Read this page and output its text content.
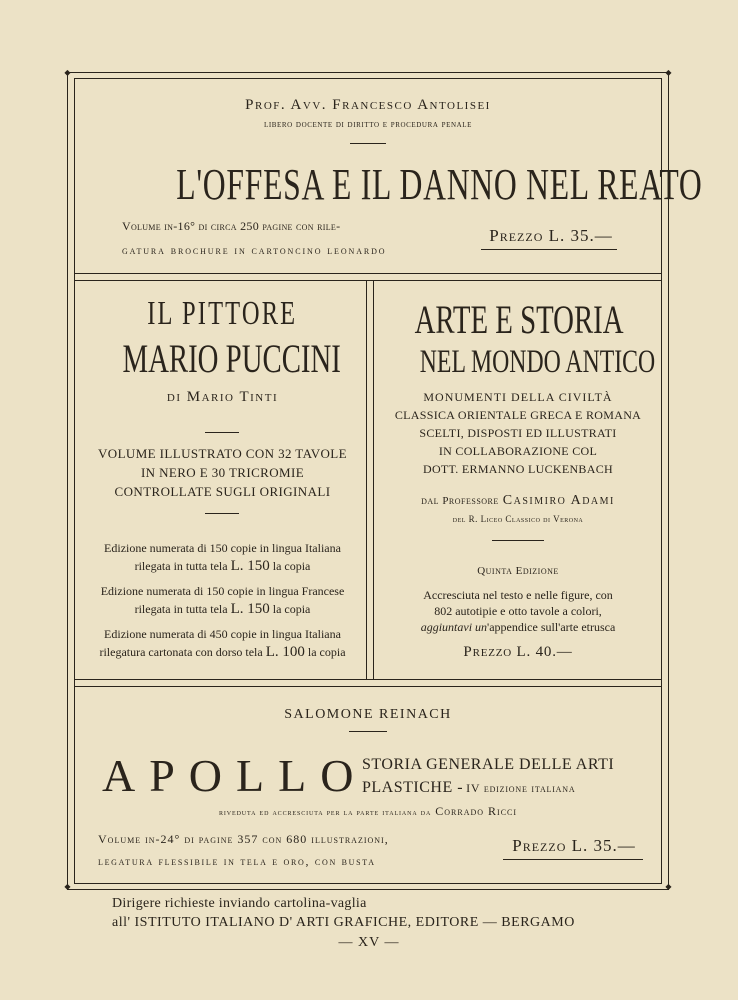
◆	◆
◆	◆
Prof. Avv. Francesco Antolisei
libero docente di diritto e procedura penale
L'OFFESA E IL DANNO NEL REATO
Volume in-16° di circa 250 pagine con rile-
gatura brochure in cartoncino leonardo
Prezzo L. 35.—
IL PITTORE
MARIO PUCCINI
di Mario Tinti
VOLUME ILLUSTRATO CON 32 TAVOLE
IN NERO E 30 TRICROMIE
CONTROLLATE SUGLI ORIGINALI
Edizione numerata di 150 copie in lingua Italiana
rilegata in tutta tela L. 150 la copia
Edizione numerata di 150 copie in lingua Francese
rilegata in tutta tela L. 150 la copia
Edizione numerata di 450 copie in lingua Italiana
rilegatura cartonata con dorso tela L. 100 la copia
ARTE E STORIA
NEL MONDO ANTICO
MONUMENTI DELLA CIVILTÀ
CLASSICA ORIENTALE GRECA E ROMANA
SCELTI, DISPOSTI ED ILLUSTRATI
IN COLLABORAZIONE COL
DOTT. ERMANNO LUCKENBACH
dal Professore Casimiro Adami
del R. Liceo Classico di Verona
Quinta Edizione
Accresciuta nel testo e nelle figure, con
802 autotipie e otto tavole a colori,
aggiuntavi un'appendice sull'arte etrusca
Prezzo L. 40.—
SALOMONE REINACH
APOLLO
STORIA GENERALE DELLE ARTI
PLASTICHE - IV edizione italiana
riveduta ed accresciuta per la parte italiana da Corrado Ricci
Volume in-24° di pagine 357 con 680 illustrazioni,
legatura flessibile in tela e oro, con busta
Prezzo L. 35.—
Dirigere richieste inviando cartolina-vaglia
all' ISTITUTO ITALIANO D' ARTI GRAFICHE, EDITORE — BERGAMO
— XV —
